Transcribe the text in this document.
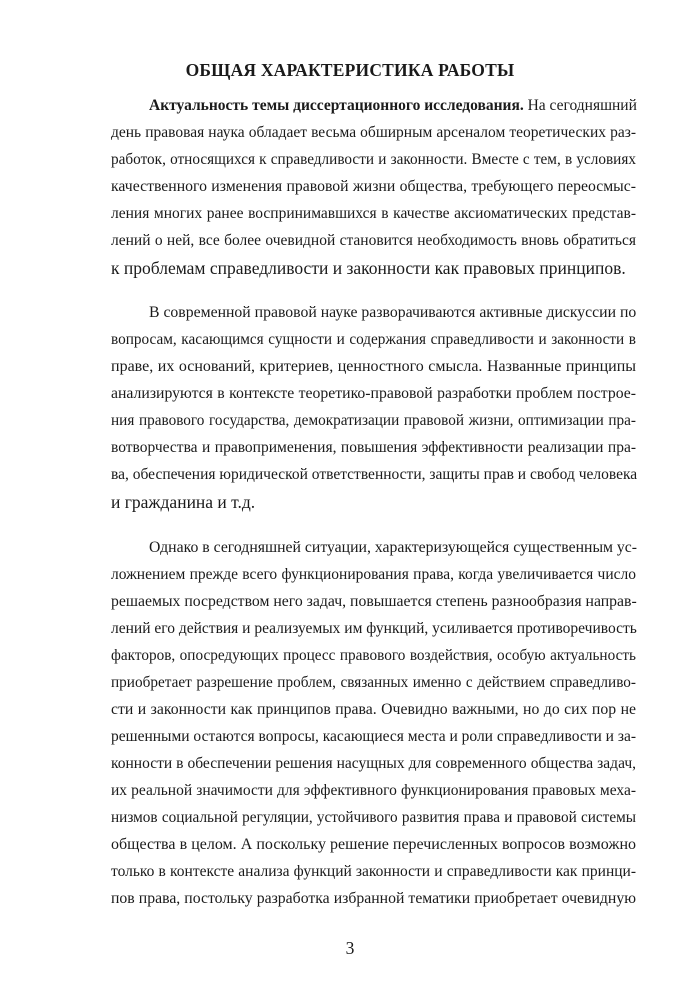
ОБЩАЯ ХАРАКТЕРИСТИКА РАБОТЫ
Актуальность темы диссертационного исследования. На сегодняшний
день правовая наука обладает весьма обширным арсеналом теоретических раз-
работок, относящихся к справедливости и законности. Вместе с тем, в условиях
качественного изменения правовой жизни общества, требующего переосмыс-
ления многих ранее воспринимавшихся в качестве аксиоматических представ-
лений о ней, все более очевидной становится необходимость вновь обратиться
к проблемам справедливости и законности как правовых принципов.
В современной правовой науке разворачиваются активные дискуссии по
вопросам, касающимся сущности и содержания справедливости и законности в
праве, их оснований, критериев, ценностного смысла. Названные принципы
анализируются в контексте теоретико-правовой разработки проблем построе-
ния правового государства, демократизации правовой жизни, оптимизации пра-
вотворчества и правоприменения, повышения эффективности реализации пра-
ва, обеспечения юридической ответственности, защиты прав и свобод человека
и гражданина и т.д.
Однако в сегодняшней ситуации, характеризующейся существенным ус-
ложнением прежде всего функционирования права, когда увеличивается число
решаемых посредством него задач, повышается степень разнообразия направ-
лений его действия и реализуемых им функций, усиливается противоречивость
факторов, опосредующих процесс правового воздействия, особую актуальность
приобретает разрешение проблем, связанных именно с действием справедливо-
сти и законности как принципов права. Очевидно важными, но до сих пор не
решенными остаются вопросы, касающиеся места и роли справедливости и за-
конности в обеспечении решения насущных для современного общества задач,
их реальной значимости для эффективного функционирования правовых меха-
низмов социальной регуляции, устойчивого развития права и правовой системы
общества в целом. А поскольку решение перечисленных вопросов возможно
только в контексте анализа функций законности и справедливости как принци-
пов права, постольку разработка избранной тематики приобретает очевидную
3
